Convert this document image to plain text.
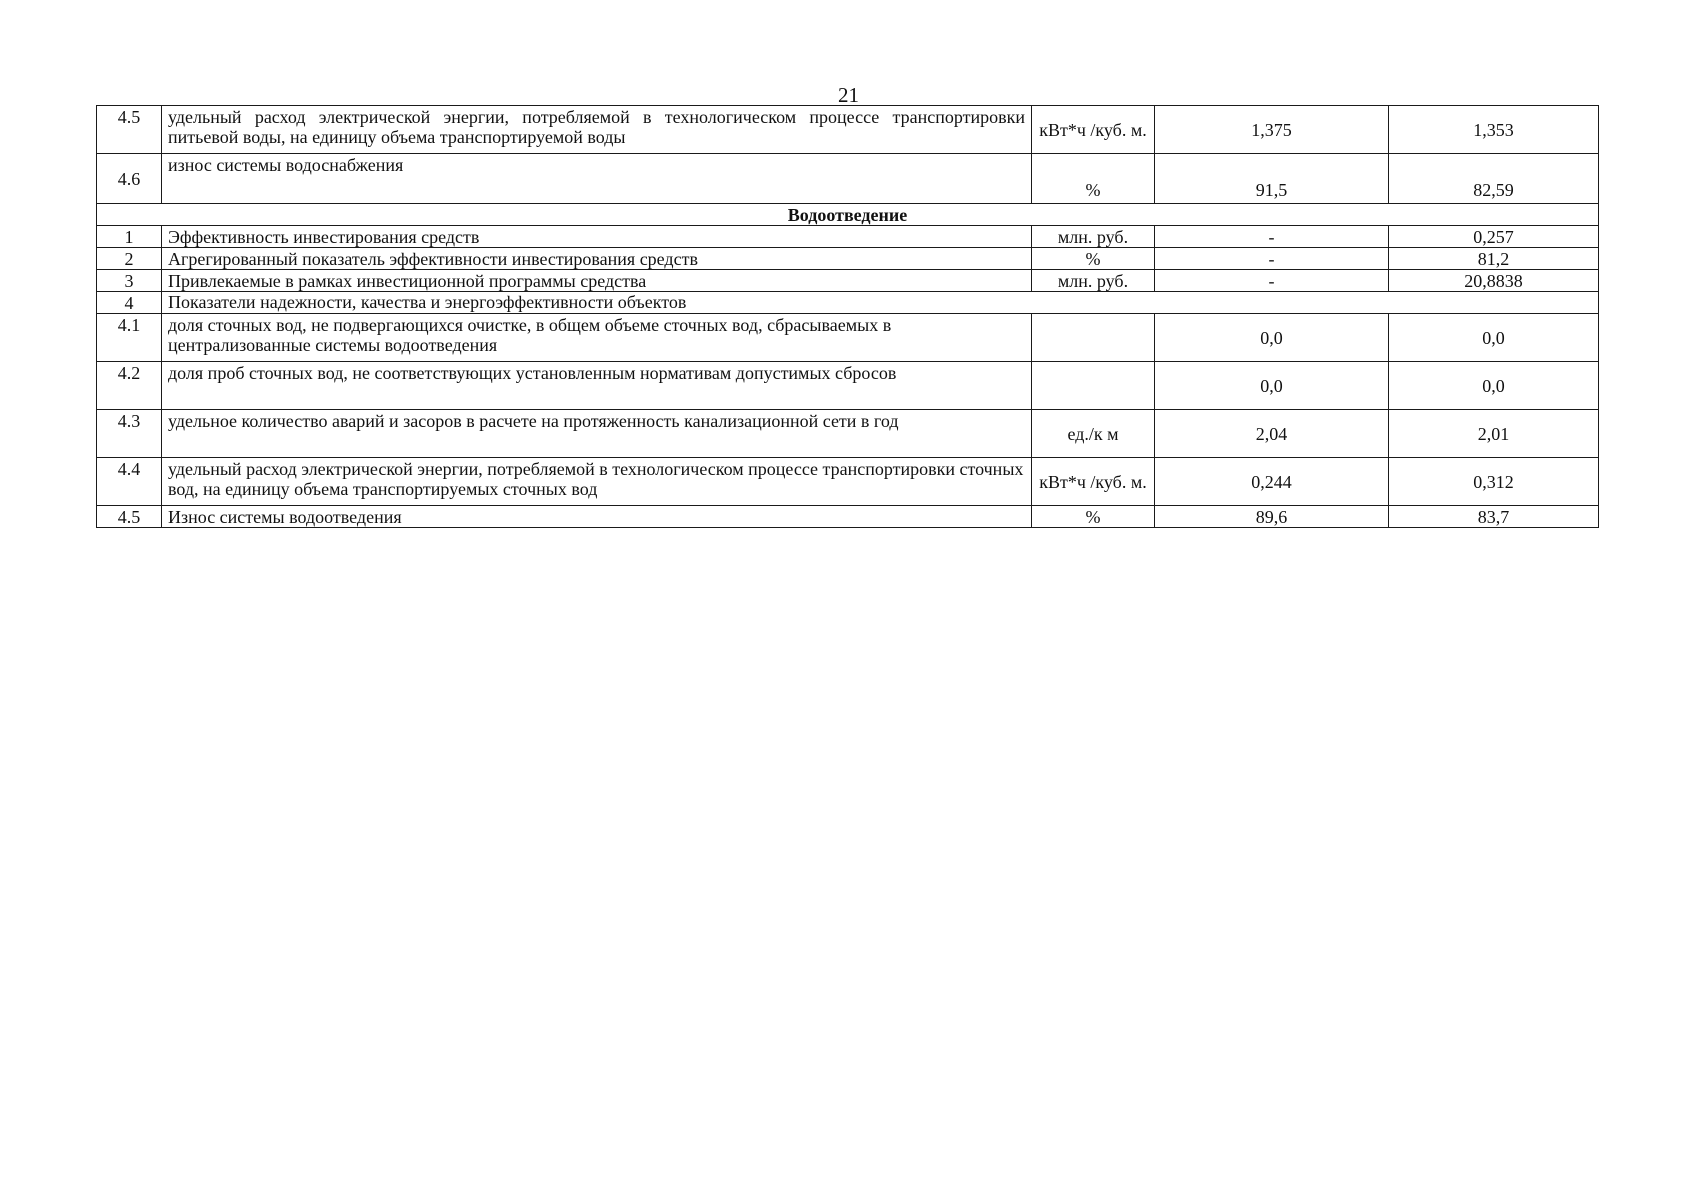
21
4.5	удельный расход электрической энергии, потребляемой в технологическом процессе транспортировки питьевой воды, на единицу объема транспортируемой воды	кВт*ч /куб. м.	1,375	1,353
4.6	износ системы водоснабжения	%	91,5	82,59
Водоотведение				
1	Эффективность инвестирования средств	млн. руб.	-	0,257
2	Агрегированный показатель эффективности инвестирования средств	%	-	81,2
3	Привлекаемые в рамках инвестиционной программы средства	млн. руб.	-	20,8838
4	Показатели надежности, качества и энергоэффективности объектов			
4.1	доля сточных вод, не подвергающихся очистке, в общем объеме сточных вод, сбрасываемых в централизованные системы водоотведения		0,0	0,0
4.2	доля проб сточных вод, не соответствующих установленным нормативам допустимых сбросов		0,0	0,0
4.3	удельное количество аварий и засоров в расчете на протяженность канализационной сети в год	ед./к м	2,04	2,01
4.4	удельный расход электрической энергии, потребляемой в технологическом процессе транспортировки сточных вод, на единицу объема транспортируемых сточных вод	кВт*ч /куб. м.	0,244	0,312
4.5	Износ системы водоотведения	%	89,6	83,7
